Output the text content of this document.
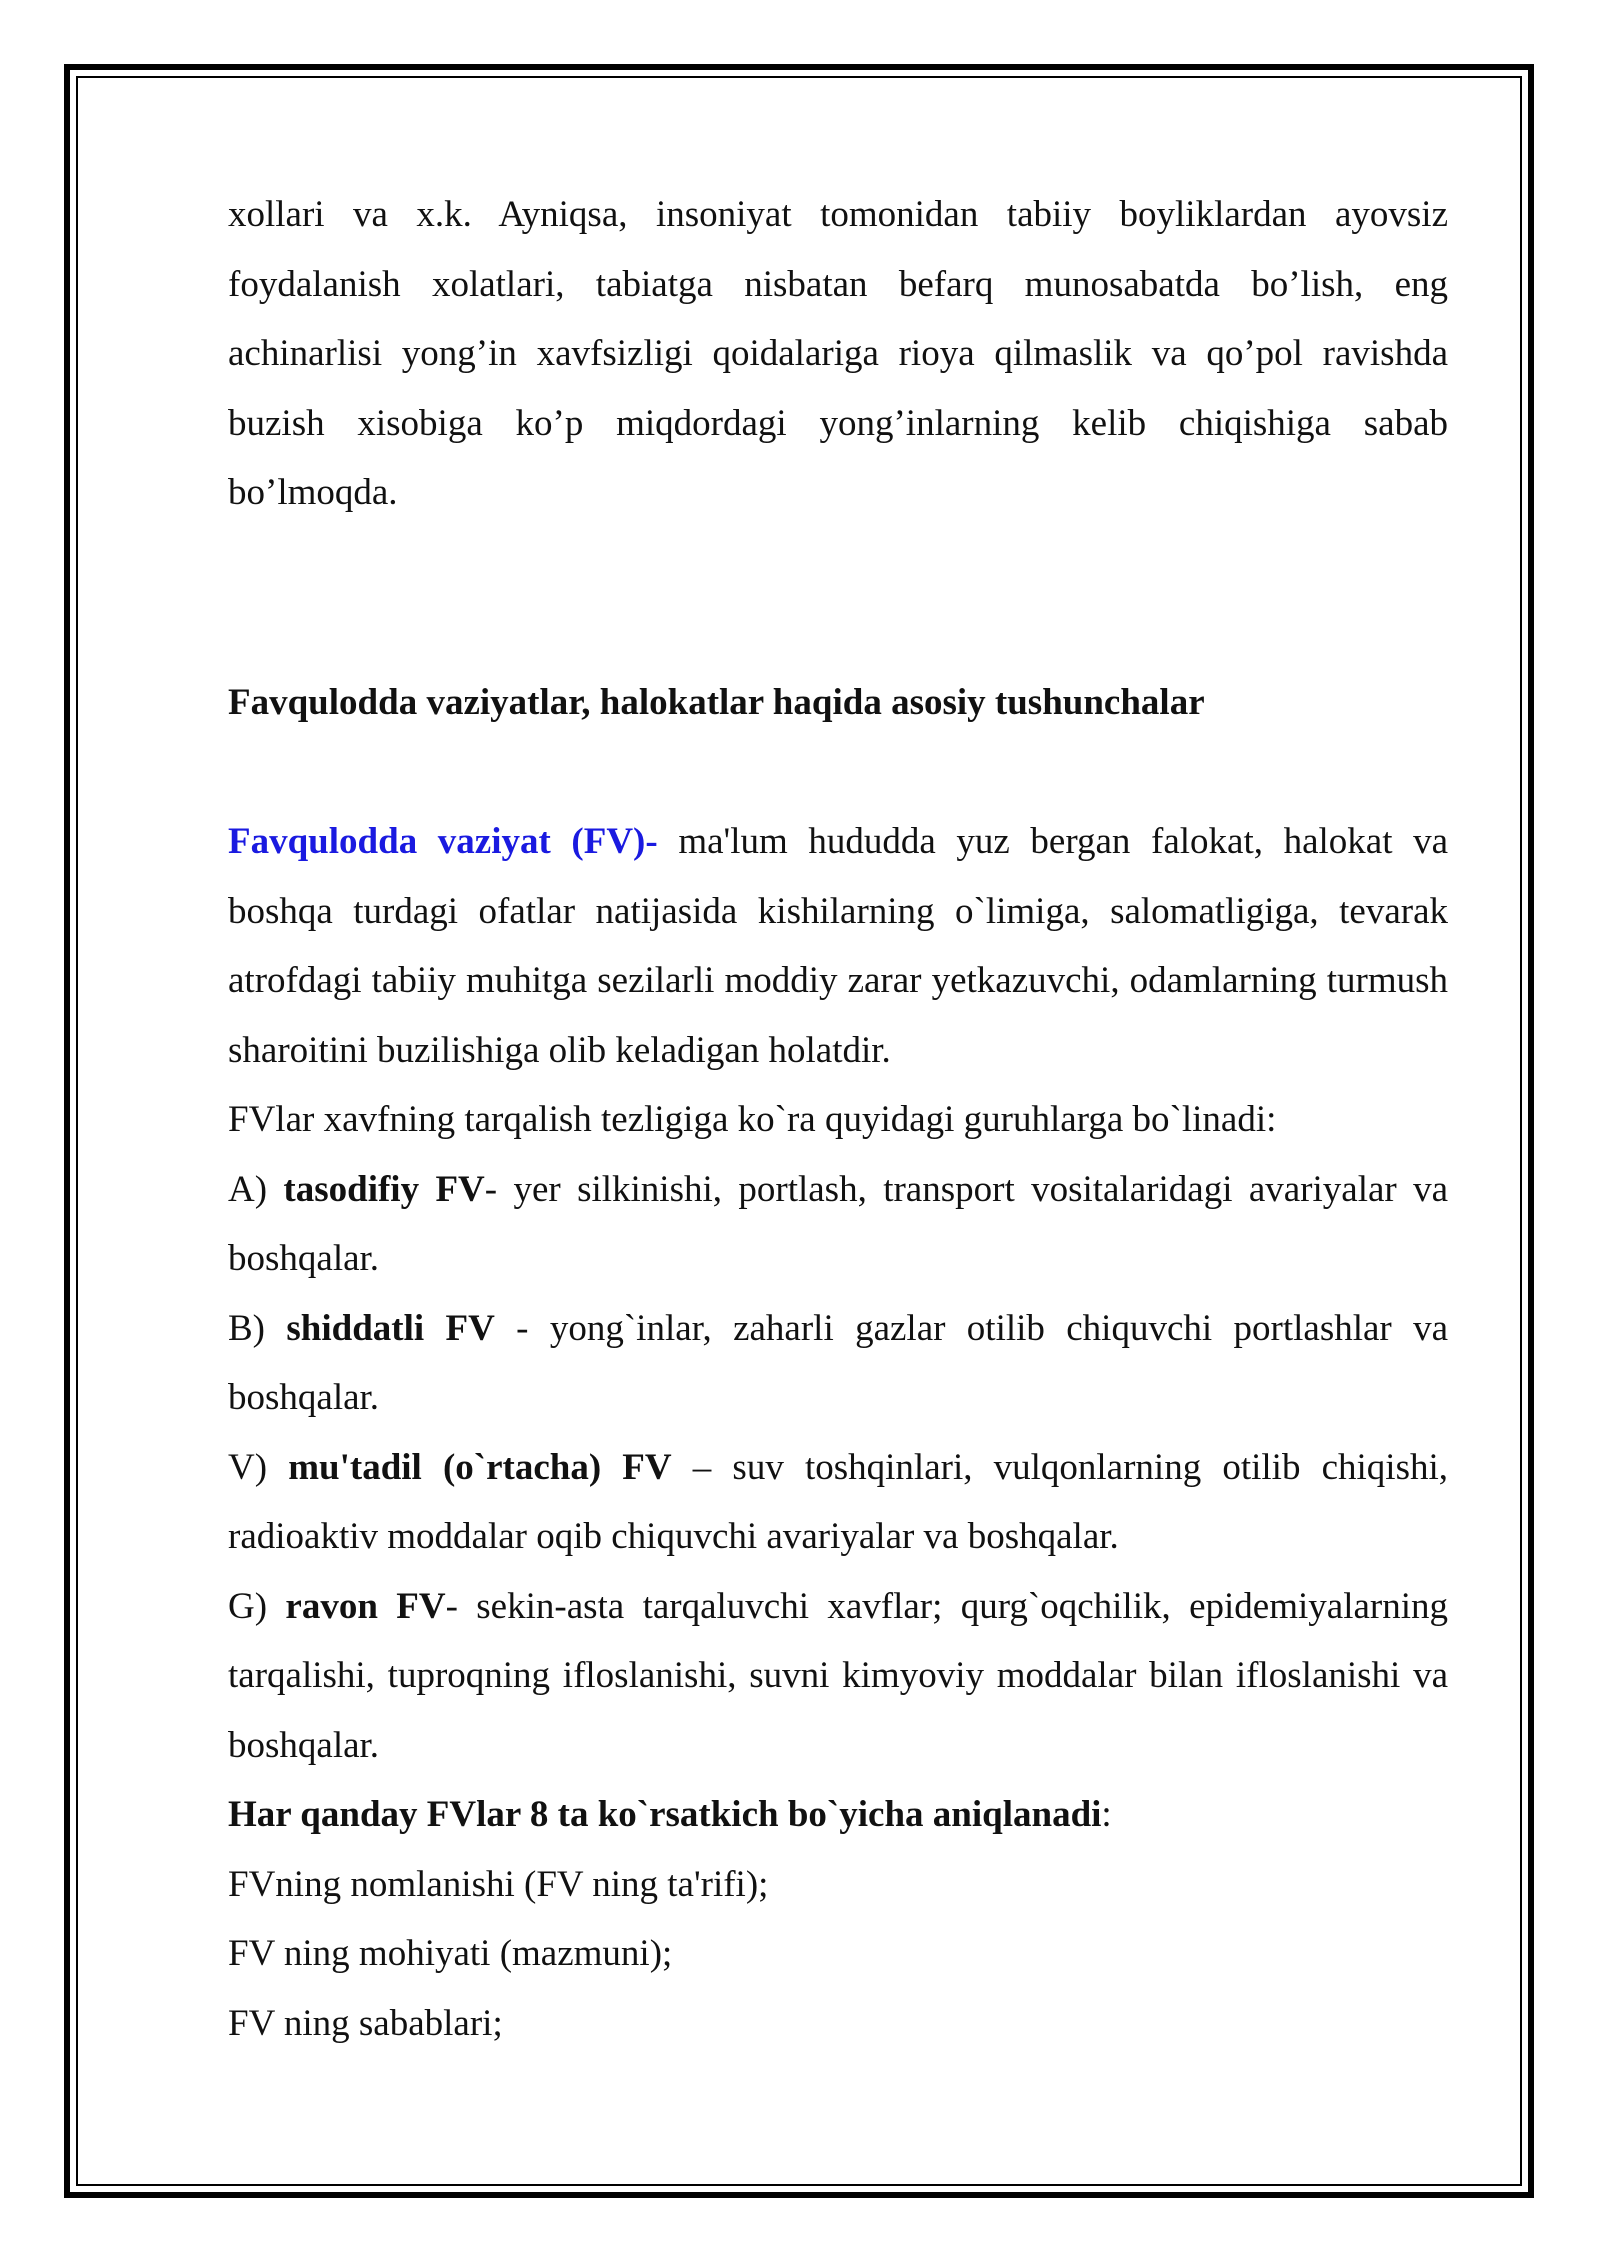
xollari va x.k. Ayniqsa, insoniyat tomonidan tabiiy boyliklardan ayovsiz foydalanish xolatlari, tabiatga nisbatan befarq munosabatda bo’lish, eng achinarlisi yong’in xavfsizligi qoidalariga rioya qilmaslik va qo’pol ravishda buzish xisobiga ko’p miqdordagi yong’inlarning kelib chiqishiga sabab bo’lmoqda.

Favqulodda vaziyatlar, halokatlar haqida asosiy tushunchalar

Favqulodda vaziyat (FV)- ma'lum hududda yuz bergan falokat, halokat va boshqa turdagi ofatlar natijasida kishilarning o`limiga, salomatligiga, tevarak atrofdagi tabiiy muhitga sezilarli moddiy zarar yetkazuvchi, odamlarning turmush sharoitini buzilishiga olib keladigan holatdir.

FVlar xavfning tarqalish tezligiga ko`ra quyidagi guruhlarga bo`linadi:

A) tasodifiy FV- yer silkinishi, portlash, transport vositalaridagi avariyalar va boshqalar.

B) shiddatli FV - yong`inlar, zaharli gazlar otilib chiquvchi portlashlar va boshqalar.

V) mu'tadil (o`rtacha) FV – suv toshqinlari, vulqonlarning otilib chiqishi, radioaktiv moddalar oqib chiquvchi avariyalar va boshqalar.

G) ravon FV- sekin-asta tarqaluvchi xavflar; qurg`oqchilik, epidemiyalarning tarqalishi, tuproqning ifloslanishi, suvni kimyoviy moddalar bilan ifloslanishi va boshqalar.

Har qanday FVlar 8 ta ko`rsatkich bo`yicha aniqlanadi:

FVning nomlanishi (FV ning ta'rifi);

FV ning mohiyati (mazmuni);

FV ning sabablari;
